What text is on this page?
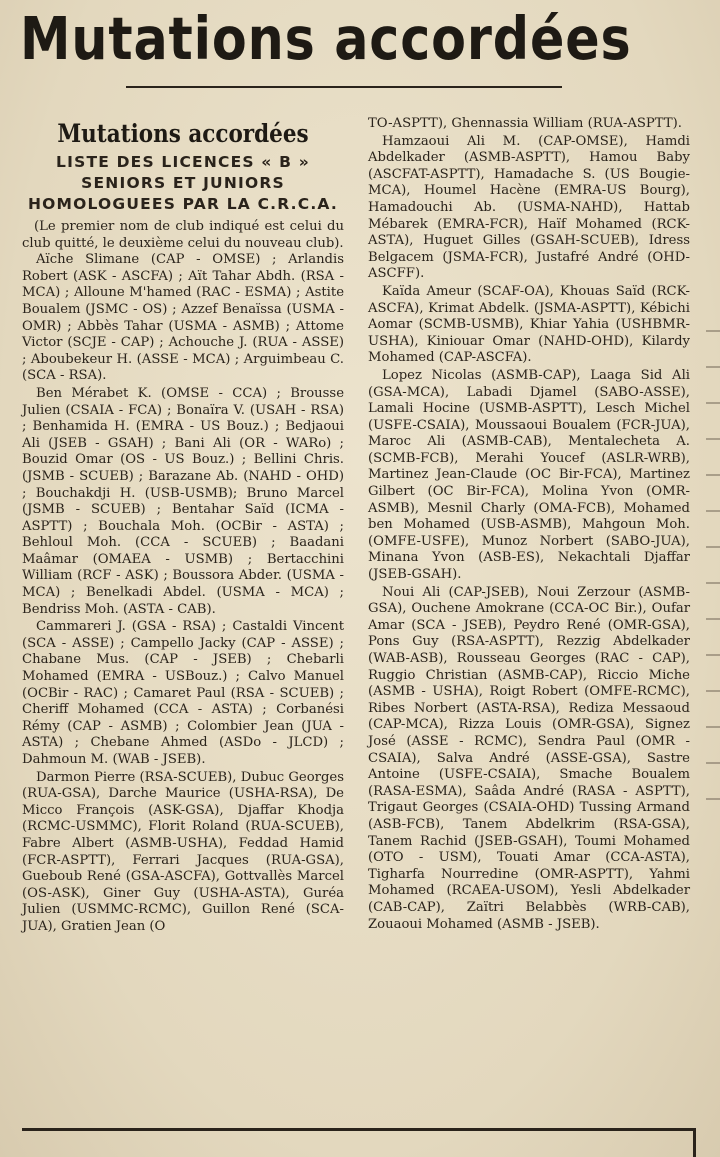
Mutations accordées
Mutations accordées
LISTE DES LICENCES « B »
SENIORS ET JUNIORS
HOMOLOGUEES PAR LA C.R.C.A.

(Le premier nom de club indiqué est celui du club quitté, le deuxième celui du nouveau club).

Aïche Slimane (CAP - OMSE) ; Arlandis Robert (ASK - ASCFA) ; Aït Tahar Abdh. (RSA - MCA) ; Alloune M'hamed (RAC - ESMA) ; Astite Boualem (JSMC - OS) ; Azzef Benaïssa (USMA - OMR) ; Abbès Tahar (USMA - ASMB) ; Attome Victor (SCJE - CAP) ; Achouche J. (RUA - ASSE) ; Aboubekeur H. (ASSE - MCA) ; Arguimbeau C. (SCA - RSA).

Ben Mérabet K. (OMSE - CCA) ; Brousse Julien (CSAIA - FCA) ; Bonaïra V. (USAH - RSA) ; Benhamida H. (EMRA - US Bouz.) ; Bedjaoui Ali (JSEB - GSAH) ; Bani Ali (OR - WARo) ; Bouzid Omar (OS - US Bouz.) ; Bellini Chris. (JSMB - SCUEB) ; Barazane Ab. (NAHD - OHD) ; Bouchakdji H. (USB-USMB); Bruno Marcel (JSMB - SCUEB) ; Bentahar Saïd (ICMA - ASPTT) ; Bouchala Moh. (OCBir - ASTA) ; Behloul Moh. (CCA - SCUEB) ; Baadani Maâmar (OMAEA - USMB) ; Bertacchini William (RCF - ASK) ; Boussora Abder. (USMA - MCA) ; Benelkadi Abdel. (USMA - MCA) ; Bendriss Moh. (ASTA - CAB).

Cammareri J. (GSA - RSA) ; Castaldi Vincent (SCA - ASSE) ; Campello Jacky (CAP - ASSE) ; Chabane Mus. (CAP - JSEB) ; Chebarli Mohamed (EMRA - USBouz.) ; Calvo Manuel (OCBir - RAC) ; Camaret Paul (RSA - SCUEB) ; Cheriff Mohamed (CCA - ASTA) ; Corbanési Rémy (CAP - ASMB) ; Colombier Jean (JUA - ASTA) ; Chebane Ahmed (ASDo - JLCD) ; Dahmoun M. (WAB - JSEB).

Darmon Pierre (RSA-SCUEB), Dubuc Georges (RUA-GSA), Darche Maurice (USHA-RSA), De Micco François (ASK-GSA), Djaffar Khodja (RCMC-USMMC), Florit Roland (RUA-SCUEB), Fabre Albert (ASMB-USHA), Feddad Hamid (FCR-ASPTT), Ferrari Jacques (RUA-GSA), Gueboub René (GSA-ASCFA), Gottvallès Marcel (OS-ASK), Giner Guy (USHA-ASTA), Guréa Julien (USMMC-RCMC), Guillon René (SCA-JUA), Gratien Jean (O

TO-ASPTT), Ghennassia William (RUA-ASPTT).

Hamzaoui Ali M. (CAP-OMSE), Hamdi Abdelkader (ASMB-ASPTT), Hamou Baby (ASCFAT-ASPTT), Hamadache S. (US Bougie-MCA), Houmel Hacène (EMRA-US Bourg), Hamadouchi Ab. (USMA-NAHD), Hattab Mébarek (EMRA-FCR), Haïf Mohamed (RCK-ASTA), Huguet Gilles (GSAH-SCUEB), Idress Belgacem (JSMA-FCR), Justafré André (OHD-ASCFF).

Kaïda Ameur (SCAF-OA), Khouas Saïd (RCK-ASCFA), Krimat Abdelk. (JSMA-ASPTT), Kébichi Aomar (SCMB-USMB), Khiar Yahia (USHBMR-USHA), Kiniouar Omar (NAHD-OHD), Kilardy Mohamed (CAP-ASCFA).

Lopez Nicolas (ASMB-CAP), Laaga Sid Ali (GSA-MCA), Labadi Djamel (SABO-ASSE), Lamali Hocine (USMB-ASPTT), Lesch Michel (USFE-CSAIA), Moussaoui Boualem (FCR-JUA), Maroc Ali (ASMB-CAB), Mentalecheta A. (SCMB-FCB), Merahi Youcef (ASLR-WRB), Martinez Jean-Claude (OC Bir-FCA), Martinez Gilbert (OC Bir-FCA), Molina Yvon (OMR-ASMB), Mesnil Charly (OMA-FCB), Mohamed ben Mohamed (USB-ASMB), Mahgoun Moh. (OMFE-USFE), Munoz Norbert (SABO-JUA), Minana Yvon (ASB-ES), Nekachtali Djaffar (JSEB-GSAH).

Noui Ali (CAP-JSEB), Noui Zerzour (ASMB-GSA), Ouchene Amokrane (CCA-OC Bir.), Oufar Amar (SCA - JSEB), Peydro René (OMR-GSA), Pons Guy (RSA-ASPTT), Rezzig Abdelkader (WAB-ASB), Rousseau Georges (RAC - CAP), Ruggio Christian (ASMB-CAP), Riccio Miche (ASMB - USHA), Roigt Robert (OMFE-RCMC), Ribes Norbert (ASTA-RSA), Rediza Messaoud (CAP-MCA), Rizza Louis (OMR-GSA), Signez José (ASSE - RCMC), Sendra Paul (OMR - CSAIA), Salva André (ASSE-GSA), Sastre Antoine (USFE-CSAIA), Smache Boualem (RASA-ESMA), Saâda André (RASA - ASPTT), Trigaut Georges (CSAIA-OHD) Tussing Armand (ASB-FCB), Tanem Abdelkrim (RSA-GSA), Tanem Rachid (JSEB-GSAH), Toumi Mohamed (OTO - USM), Touati Amar (CCA-ASTA), Tigharfa Nourredine (OMR-ASPTT), Yahmi Mohamed (RCAEA-USOM), Yesli Abdelkader (CAB-CAP), Zaïtri Belabbès (WRB-CAB), Zouaoui Mohamed (ASMB - JSEB).
